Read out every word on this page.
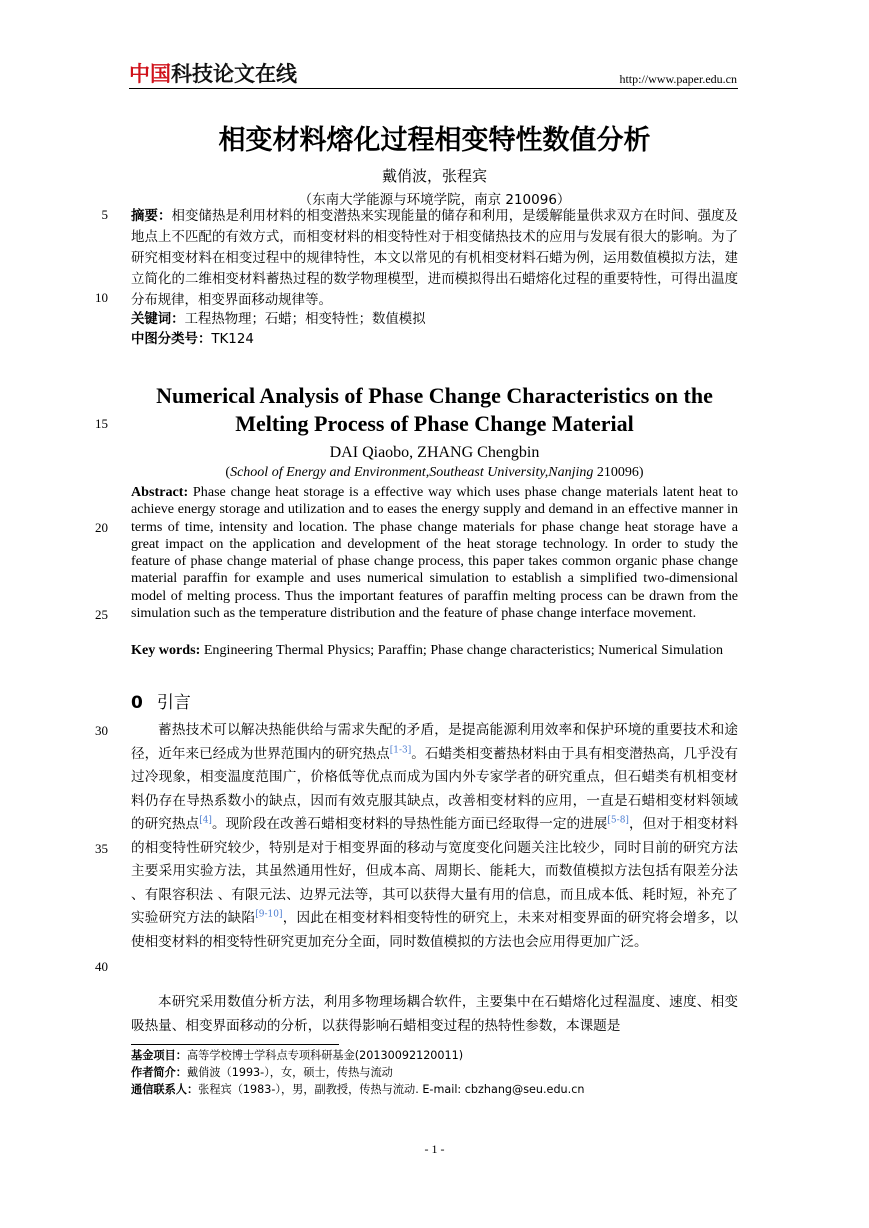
中国科技论文在线	http://www.paper.edu.cn
相变材料熔化过程相变特性数值分析
戴俏波，张程宾
（东南大学能源与环境学院，南京 210096）
5
10
15
20
25
30
35
40
摘要：相变储热是利用材料的相变潜热来实现能量的储存和利用，是缓解能量供求双方在时间、强度及地点上不匹配的有效方式，而相变材料的相变特性对于相变储热技术的应用与发展有很大的影响。为了研究相变材料在相变过程中的规律特性，本文以常见的有机相变材料石蜡为例，运用数值模拟方法，建立简化的二维相变材料蓄热过程的数学物理模型，进而模拟得出石蜡熔化过程的重要特性，可得出温度分布规律，相变界面移动规律等。
关键词：工程热物理；石蜡；相变特性；数值模拟
中图分类号：TK124
Numerical Analysis of Phase Change Characteristics on the
Melting Process of Phase Change Material
DAI Qiaobo, ZHANG Chengbin
(School of Energy and Environment,Southeast University,Nanjing 210096)
Abstract: Phase change heat storage is a effective way which uses phase change materials latent heat to achieve energy storage and utilization and to eases the energy supply and demand in an effective manner in terms of time, intensity and location. The phase change materials for phase change heat storage have a great impact on the application and development of the heat storage technology. In order to study the feature of phase change material of phase change process, this paper takes common organic phase change material paraffin for example and uses numerical simulation to establish a simplified two-dimensional model of melting process. Thus the important features of paraffin melting process can be drawn from the simulation such as the temperature distribution and the feature of phase change interface movement.
Key words: Engineering Thermal Physics; Paraffin; Phase change characteristics; Numerical Simulation
0 引言
蓄热技术可以解决热能供给与需求失配的矛盾，是提高能源利用效率和保护环境的重要技术和途径，近年来已经成为世界范围内的研究热点[1-3]。石蜡类相变蓄热材料由于具有相变潜热高，几乎没有过冷现象，相变温度范围广，价格低等优点而成为国内外专家学者的研究重点，但石蜡类有机相变材料仍存在导热系数小的缺点，因而有效克服其缺点，改善相变材料的应用，一直是石蜡相变材料领域的研究热点[4]。现阶段在改善石蜡相变材料的导热性能方面已经取得一定的进展[5-8]，但对于相变材料的相变特性研究较少，特别是对于相变界面的移动与宽度变化问题关注比较少，同时目前的研究方法主要采用实验方法，其虽然通用性好，但成本高、周期长、能耗大，而数值模拟方法包括有限差分法 、有限容积法 、有限元法、边界元法等，其可以获得大量有用的信息，而且成本低、耗时短，补充了实验研究方法的缺陷[9-10]，因此在相变材料相变特性的研究上，未来对相变界面的研究将会增多，以使相变材料的相变特性研究更加充分全面，同时数值模拟的方法也会应用得更加广泛。
本研究采用数值分析方法，利用多物理场耦合软件，主要集中在石蜡熔化过程温度、速度、相变吸热量、相变界面移动的分析，以获得影响石蜡相变过程的热特性参数，本课题是
基金项目：高等学校博士学科点专项科研基金(20130092120011)
作者简介：戴俏波（1993-），女，硕士，传热与流动
通信联系人：张程宾（1983-），男，副教授，传热与流动. E-mail: cbzhang@seu.edu.cn
- 1 -
